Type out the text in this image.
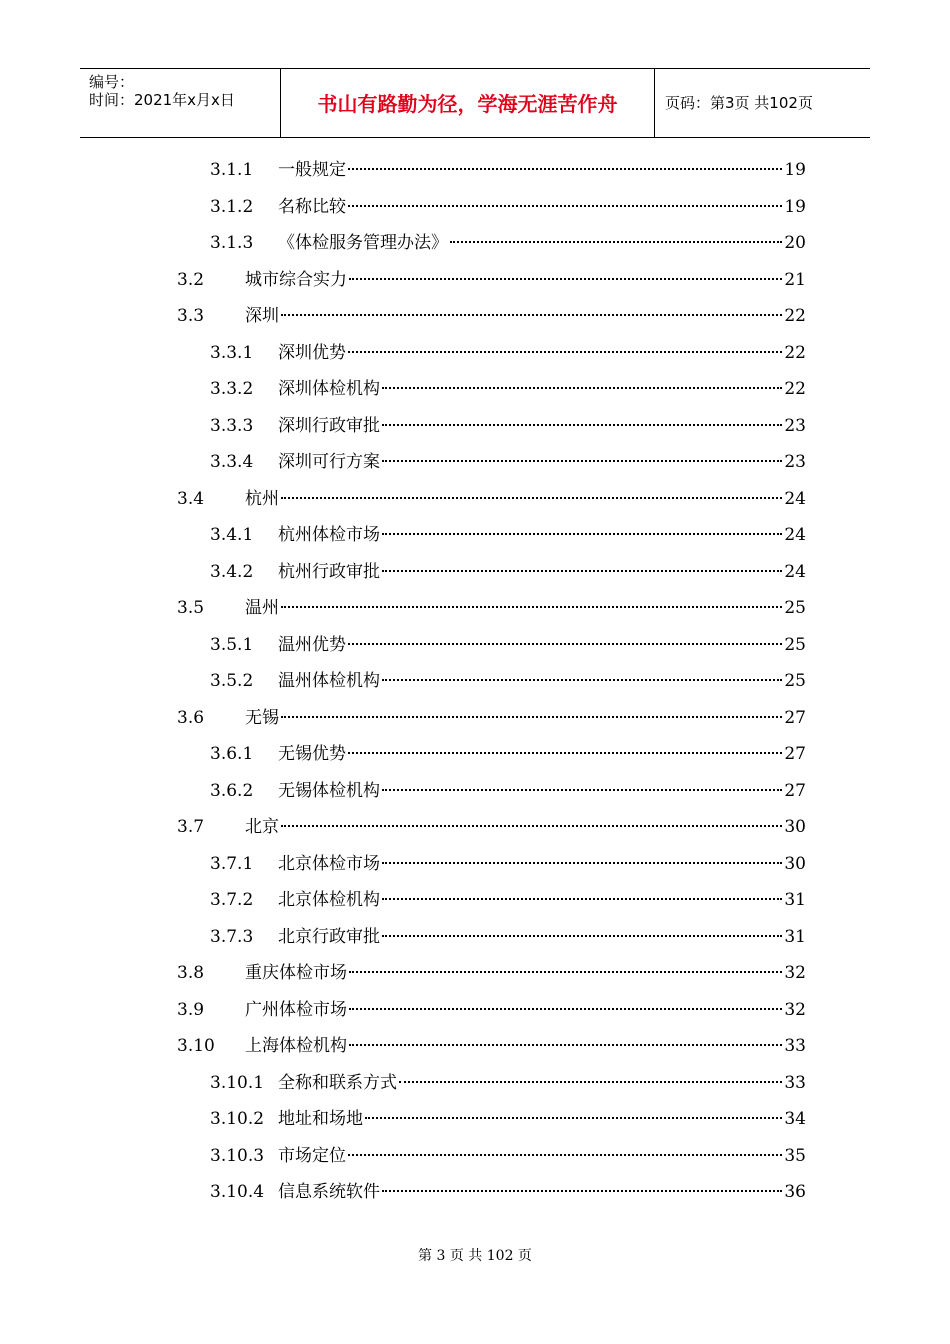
编号：
时间：2021年x月x日	书山有路勤为径，学海无涯苦作舟	页码：第3页 共102页
3.1.1	一般规定	19
3.1.2	名称比较	19
3.1.3	《体检服务管理办法》	20
3.2	城市综合实力	21
3.3	深圳	22
3.3.1	深圳优势	22
3.3.2	深圳体检机构	22
3.3.3	深圳行政审批	23
3.3.4	深圳可行方案	23
3.4	杭州	24
3.4.1	杭州体检市场	24
3.4.2	杭州行政审批	24
3.5	温州	25
3.5.1	温州优势	25
3.5.2	温州体检机构	25
3.6	无锡	27
3.6.1	无锡优势	27
3.6.2	无锡体检机构	27
3.7	北京	30
3.7.1	北京体检市场	30
3.7.2	北京体检机构	31
3.7.3	北京行政审批	31
3.8	重庆体检市场	32
3.9	广州体检市场	32
3.10	上海体检机构	33
3.10.1 全称和联系方式	33
3.10.2 地址和场地	34
3.10.3 市场定位	35
3.10.4 信息系统软件	36
第 3 页 共 102 页
